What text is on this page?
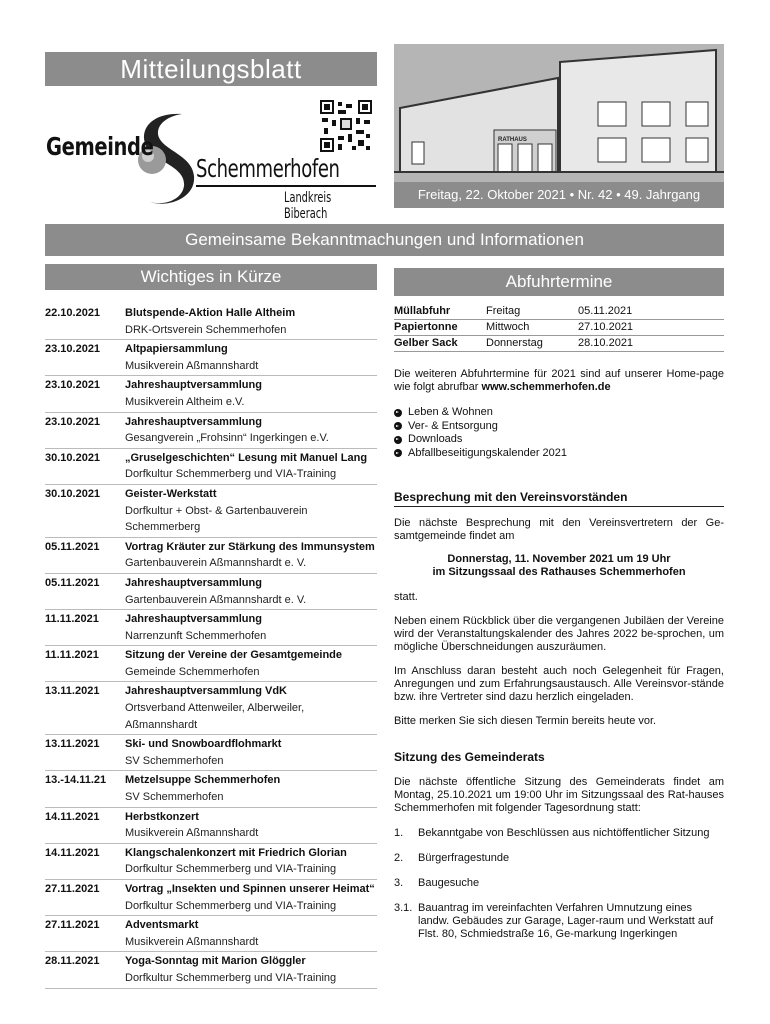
Mitteilungsblatt
Gemeinde
Schemmerhofen
Landkreis Biberach
RATHAUS
Freitag, 22. Oktober 2021 • Nr. 42 • 49. Jahrgang
Gemeinsame Bekanntmachungen und Informationen
Wichtiges in Kürze
22.10.2021	Blutspende-Aktion Halle Altheim
DRK-Ortsverein Schemmerhofen
23.10.2021	Altpapiersammlung
Musikverein Aßmannshardt
23.10.2021	Jahreshauptversammlung
Musikverein Altheim e.V.
23.10.2021	Jahreshauptversammlung
Gesangverein „Frohsinn“ Ingerkingen e.V.
30.10.2021	„Gruselgeschichten“ Lesung mit Manuel Lang
Dorfkultur Schemmerberg und VIA-Training
30.10.2021	Geister-Werkstatt
Dorfkultur + Obst- & Gartenbauverein Schemmerberg
05.11.2021	Vortrag Kräuter zur Stärkung des Immunsystem
Gartenbauverein Aßmannshardt e. V.
05.11.2021	Jahreshauptversammlung
Gartenbauverein Aßmannshardt e. V.
11.11.2021	Jahreshauptversammlung
Narrenzunft Schemmerhofen
11.11.2021	Sitzung der Vereine der Gesamtgemeinde
Gemeinde Schemmerhofen
13.11.2021	Jahreshauptversammlung VdK
Ortsverband Attenweiler, Alberweiler, Aßmannshardt
13.11.2021	Ski- und Snowboardflohmarkt
SV Schemmerhofen
13.-14.11.21	Metzelsuppe Schemmerhofen
SV Schemmerhofen
14.11.2021	Herbstkonzert
Musikverein Aßmannshardt
14.11.2021	Klangschalenkonzert mit Friedrich Glorian
Dorfkultur Schemmerberg und VIA-Training
27.11.2021	Vortrag „Insekten und Spinnen unserer Heimat“
Dorfkultur Schemmerberg und VIA-Training
27.11.2021	Adventsmarkt
Musikverein Aßmannshardt
28.11.2021	Yoga-Sonntag mit Marion Glöggler
Dorfkultur Schemmerberg und VIA-Training
Abfuhrtermine
Müllabfuhr	Freitag	05.11.2021
Papiertonne	Mittwoch	27.10.2021
Gelber Sack	Donnerstag	28.10.2021

Die weiteren Abfuhrtermine für 2021 sind auf unserer Home-page wie folgt abrufbar www.schemmerhofen.de

Leben & Wohnen
Ver- & Entsorgung
Downloads
Abfallbeseitigungskalender 2021
Besprechung mit den Vereinsvorständen

Die nächste Besprechung mit den Vereinsvertretern der Ge-samtgemeinde findet am

Donnerstag, 11. November 2021 um 19 Uhr

im Sitzungssaal des Rathauses Schemmerhofen

statt.

Neben einem Rückblick über die vergangenen Jubiläen der Vereine wird der Veranstaltungskalender des Jahres 2022 be-sprochen, um mögliche Überschneidungen auszuräumen.

Im Anschluss daran besteht auch noch Gelegenheit für Fragen, Anregungen und zum Erfahrungsaustausch. Alle Vereinsvor-stände bzw. ihre Vertreter sind dazu herzlich eingeladen.

Bitte merken Sie sich diesen Termin bereits heute vor.

Sitzung des Gemeinderats

Die nächste öffentliche Sitzung des Gemeinderats findet am Montag, 25.10.2021 um 19:00 Uhr im Sitzungssaal des Rat-hauses Schemmerhofen mit folgender Tagesordnung statt:

1.	Bekanntgabe von Beschlüssen aus nichtöffentlicher Sitzung
2.	Bürgerfragestunde
3.	Baugesuche
3.1. Bauantrag im vereinfachten Verfahren Umnutzung eines landw. Gebäudes zur Garage, Lager-raum und Werkstatt auf Flst. 80, Schmiedstraße 16, Ge-markung Ingerkingen
